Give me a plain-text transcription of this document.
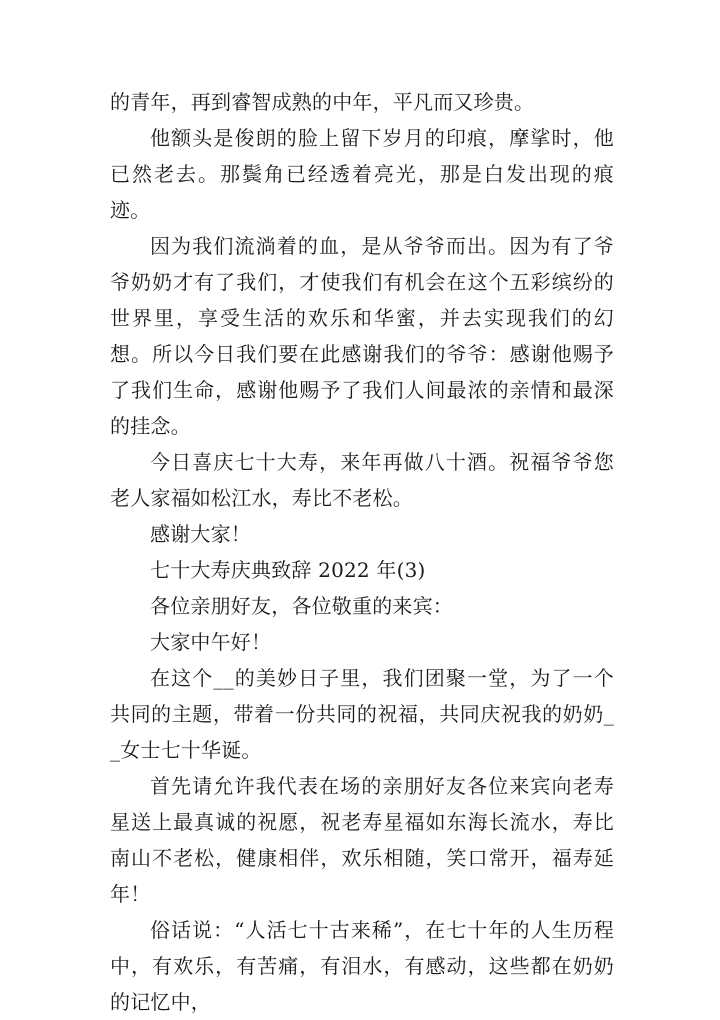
的青年，再到睿智成熟的中年，平凡而又珍贵。

他额头是俊朗的脸上留下岁月的印痕，摩挲时，他已然老去。那鬓角已经透着亮光，那是白发出现的痕迹。

因为我们流淌着的血，是从爷爷而出。因为有了爷爷奶奶才有了我们，才使我们有机会在这个五彩缤纷的世界里，享受生活的欢乐和华蜜，并去实现我们的幻想。所以今日我们要在此感谢我们的爷爷：感谢他赐予了我们生命，感谢他赐予了我们人间最浓的亲情和最深的挂念。

今日喜庆七十大寿，来年再做八十酒。祝福爷爷您老人家福如松江水，寿比不老松。

感谢大家！

七十大寿庆典致辞 2022 年(3)

各位亲朋好友，各位敬重的来宾：

大家中午好！

在这个__的美妙日子里，我们团聚一堂，为了一个共同的主题，带着一份共同的祝福，共同庆祝我的奶奶__女士七十华诞。

首先请允许我代表在场的亲朋好友各位来宾向老寿星送上最真诚的祝愿，祝老寿星福如东海长流水，寿比南山不老松，健康相伴，欢乐相随，笑口常开，福寿延年！

俗话说：“人活七十古来稀”，在七十年的人生历程中，有欢乐，有苦痛，有泪水，有感动，这些都在奶奶的记忆中，
